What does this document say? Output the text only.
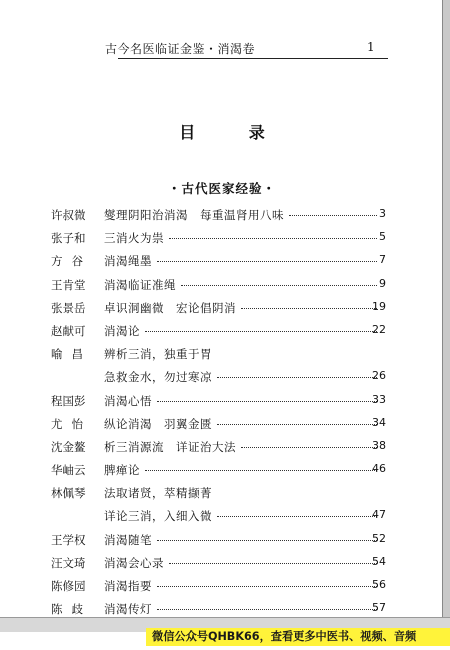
古今名医临证金鉴・消渴卷	1
目 录
・古代医家经验・
许叔微	燮理阴阳治消渴　每重温肾用八味	3
张子和	三消火为祟	5
方谷 消渴绳墨	7
王肯堂	消渴临证准绳	9
张景岳	卓识洞幽微　宏论倡阴消	19
赵献可	消渴论	22
喻昌 辨析三消，独重于胃
急救金水，勿过寒凉	26
程国彭	消渴心悟	33
尤怡 纵论消渴　羽翼金匮	34
沈金鳌	析三消源流　详证治大法	38
华岫云	脾瘅论	46
林佩琴	法取诸贤，萃精撷菁
详论三消，入细入微	47
王学权	消渴随笔	52
汪文琦	消渴会心录	54
陈修园	消渴指要	56
陈歧 消渴传灯	57
微信公众号QHBK66，查看更多中医书、视频、音频
